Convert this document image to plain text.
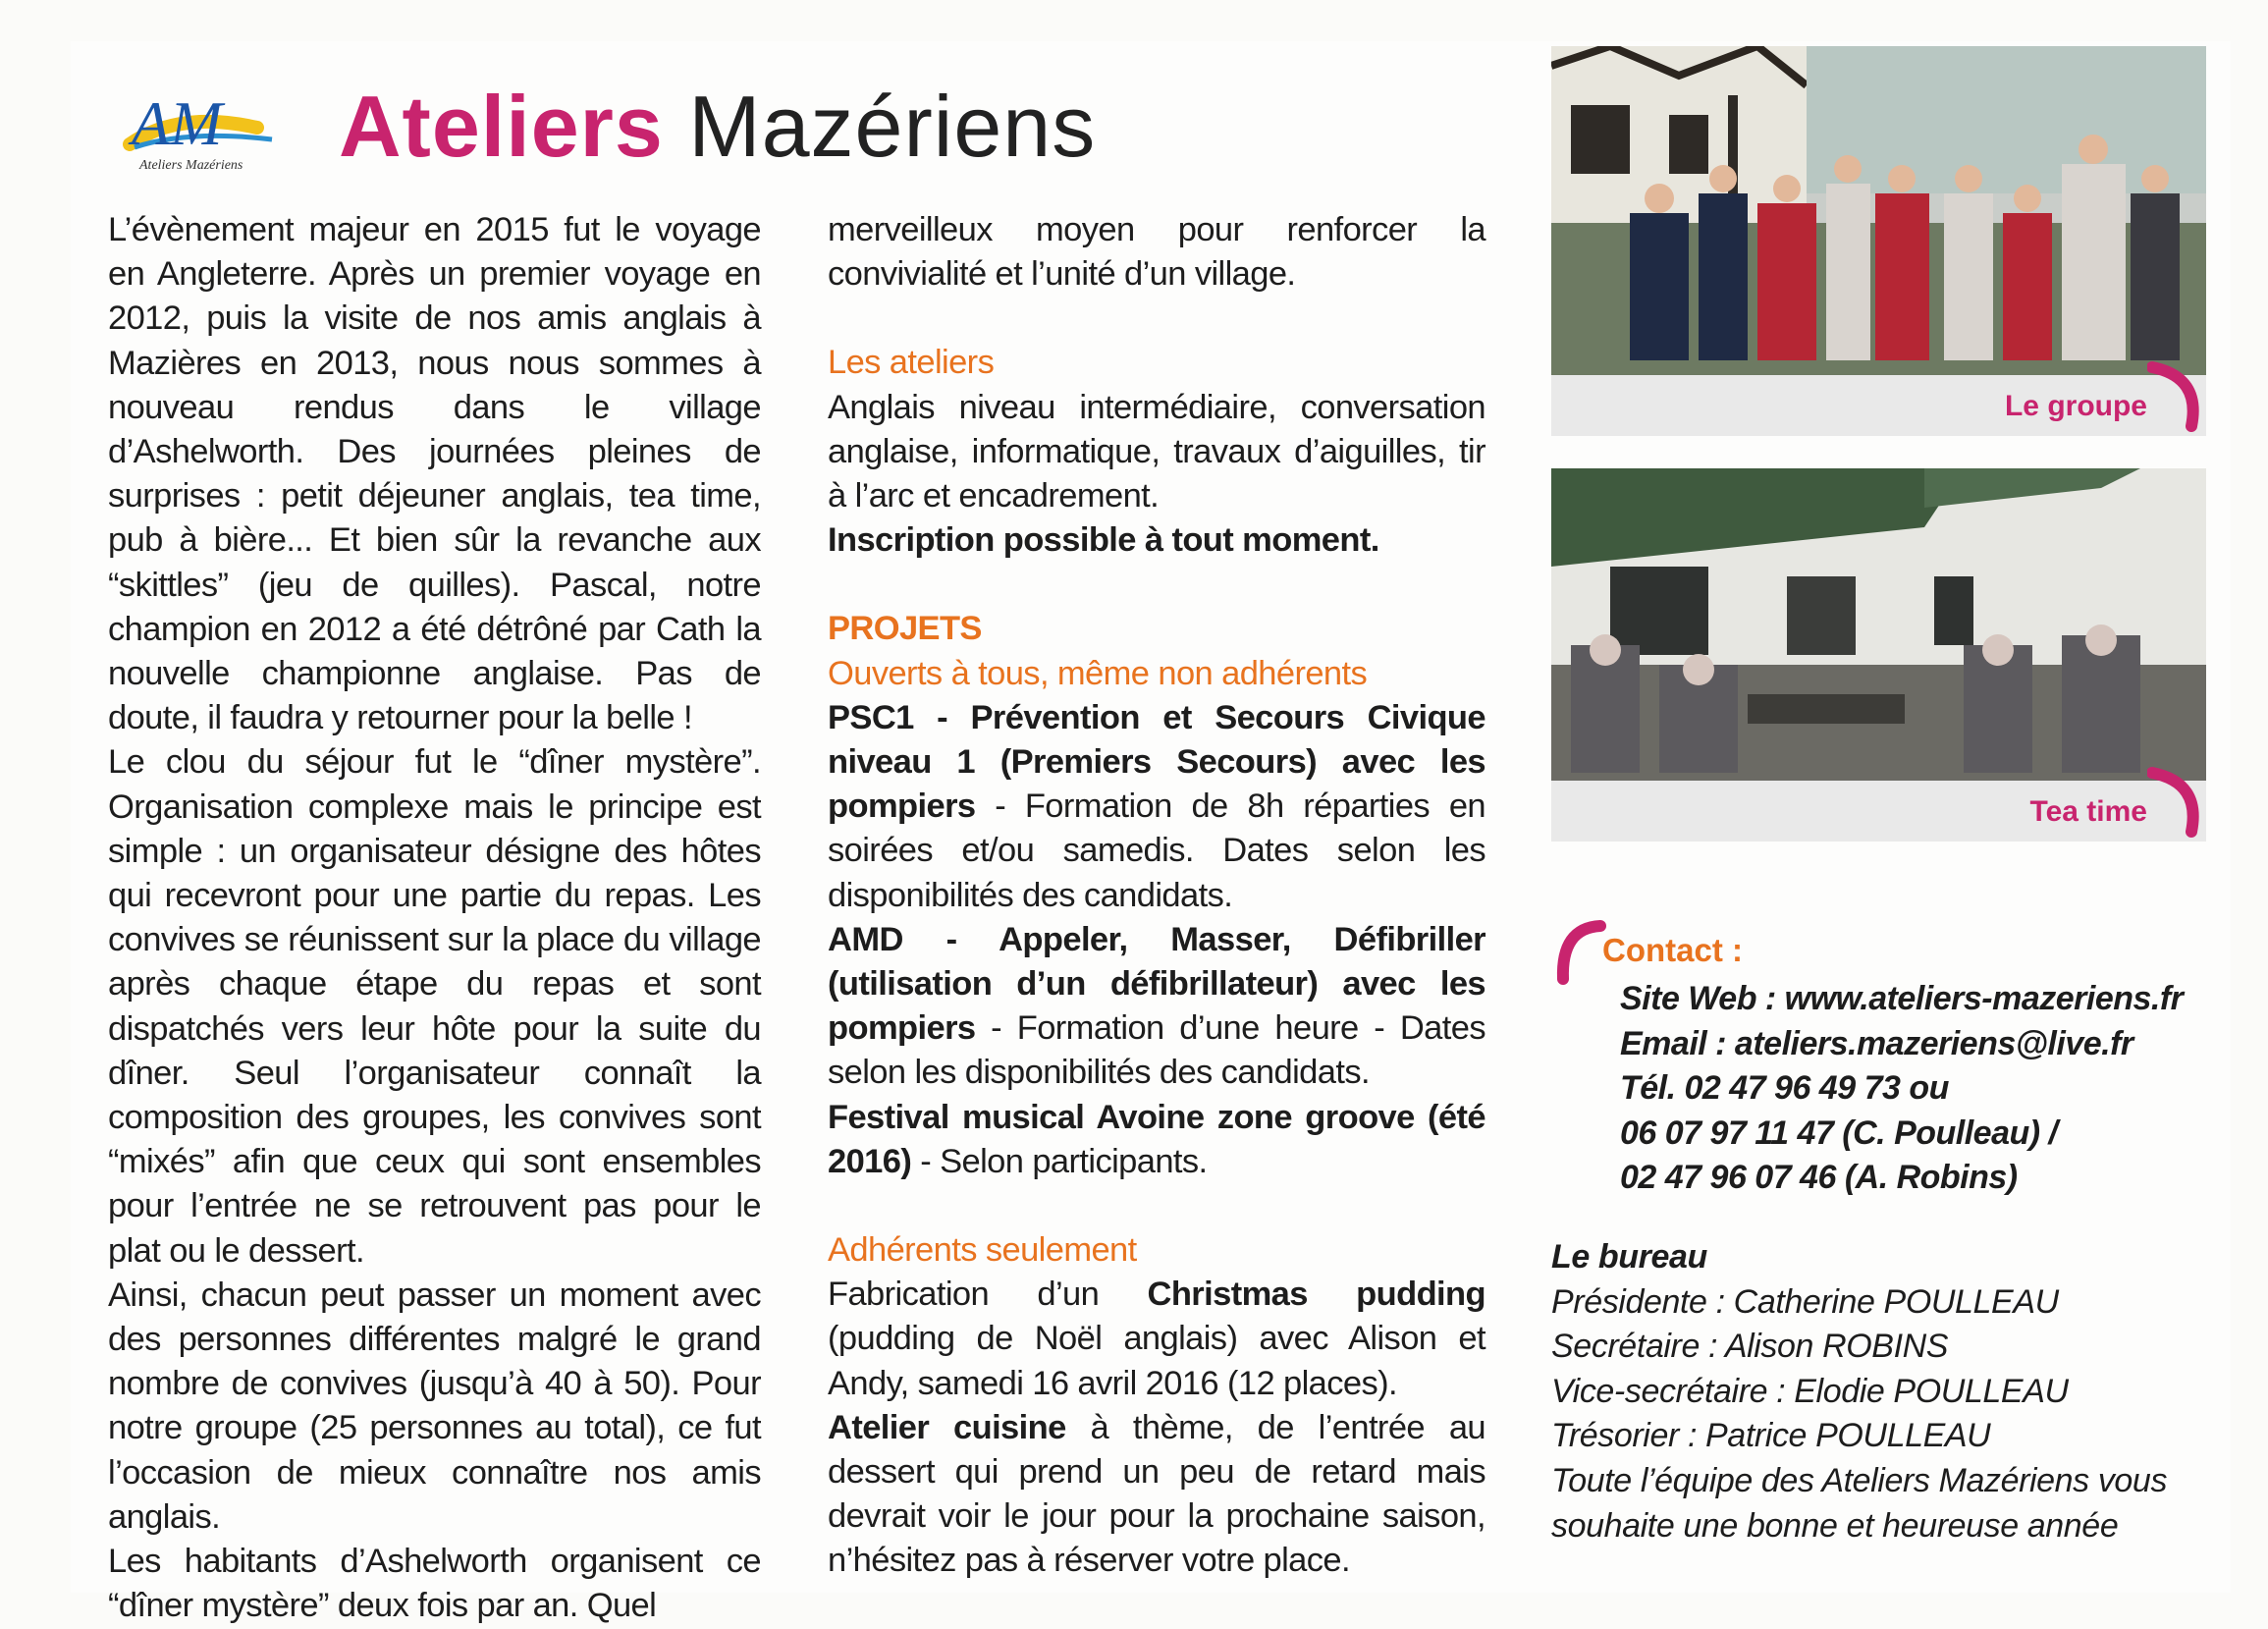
AM
Ateliers Mazériens Ateliers Mazériens

L’évènement majeur en 2015 fut le voyage en Angleterre. Après un premier voyage en 2012, puis la visite de nos amis anglais à Mazières en 2013, nous nous sommes à nouveau rendus dans le village d’Ashelworth. Des journées pleines de surprises : petit déjeuner anglais, tea time, pub à bière... Et bien sûr la revanche aux “skittles” (jeu de quilles). Pascal, notre champion en 2012 a été détrôné par Cath la nouvelle championne anglaise. Pas de doute, il faudra y retourner pour la belle !

Le clou du séjour fut le “dîner mystère”. Organisation complexe mais le principe est simple : un organisateur désigne des hôtes qui recevront pour une partie du repas. Les convives se réunissent sur la place du village après chaque étape du repas et sont dispatchés vers leur hôte pour la suite du dîner. Seul l’organisateur connaît la composition des groupes, les convives sont “mixés” afin que ceux qui sont ensembles pour l’entrée ne se retrouvent pas pour le plat ou le dessert.

Ainsi, chacun peut passer un moment avec des personnes différentes malgré le grand nombre de convives (jusqu’à 40 à 50). Pour notre groupe (25 personnes au total), ce fut l’occasion de mieux connaître nos amis anglais.

Les habitants d’Ashelworth organisent ce “dîner mystère” deux fois par an. Quel

merveilleux moyen pour renforcer la convivialité et l’unité d’un village.

Les ateliers

Anglais niveau intermédiaire, conversation anglaise, informatique, travaux d’aiguilles, tir à l’arc et encadrement.

Inscription possible à tout moment.

PROJETS

Ouverts à tous, même non adhérents

PSC1 - Prévention et Secours Civique niveau 1 (Premiers Secours) avec les pompiers - Formation de 8h réparties en soirées et/ou samedis. Dates selon les disponibilités des candidats.

AMD - Appeler, Masser, Défibriller (utilisation d’un défibrillateur) avec les pompiers - Formation d’une heure - Dates selon les disponibilités des candidats.

Festival musical Avoine zone groove (été 2016) - Selon participants.

Adhérents seulement

Fabrication d’un Christmas pudding (pudding de Noël anglais) avec Alison et Andy, samedi 16 avril 2016 (12 places).

Atelier cuisine à thème, de l’entrée au dessert qui prend un peu de retard mais devrait voir le jour pour la prochaine saison, n’hésitez pas à réserver votre place.

Le groupe
Tea time
Contact :
Site Web : www.ateliers-mazeriens.fr
Email : ateliers.mazeriens@live.fr
Tél. 02 47 96 49 73 ou
06 07 97 11 47 (C. Poulleau) /
02 47 96 07 46 (A. Robins)
Le bureau
Présidente : Catherine POULLEAU
Secrétaire : Alison ROBINS
Vice-secrétaire : Elodie POULLEAU
Trésorier : Patrice POULLEAU
Toute l’équipe des Ateliers Mazériens vous
souhaite une bonne et heureuse année
